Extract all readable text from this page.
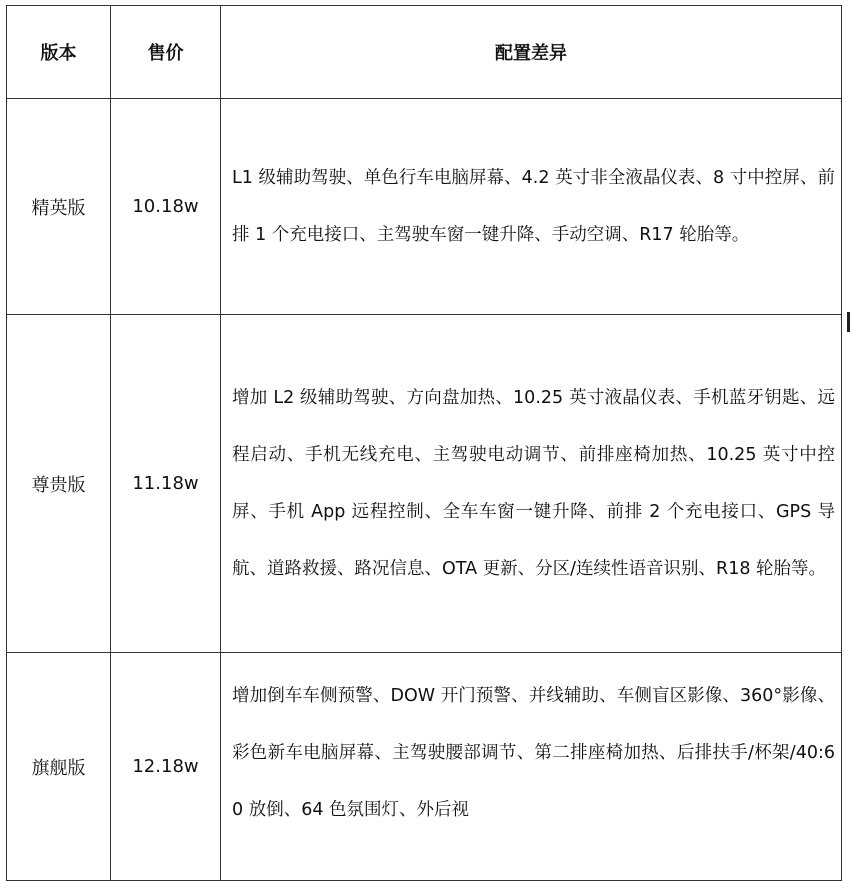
版本	售价	配置差异
精英版	10.18w	L1 级辅助驾驶、单色行车电脑屏幕、4.2 英寸非全液晶仪表、8 寸中控屏、前排 1 个充电接口、主驾驶车窗一键升降、手动空调、R17 轮胎等。
尊贵版	11.18w	增加 L2 级辅助驾驶、方向盘加热、10.25 英寸液晶仪表、手机蓝牙钥匙、远程启动、手机无线充电、主驾驶电动调节、前排座椅加热、10.25 英寸中控屏、手机 App 远程控制、全车车窗一键升降、前排 2 个充电接口、GPS 导航、道路救援、路况信息、OTA 更新、分区/连续性语音识别、R18 轮胎等。
旗舰版	12.18w	增加倒车车侧预警、DOW 开门预警、并线辅助、车侧盲区影像、360°影像、彩色新车电脑屏幕、主驾驶腰部调节、第二排座椅加热、后排扶手/杯架/40:60 放倒、64 色氛围灯、外后视
